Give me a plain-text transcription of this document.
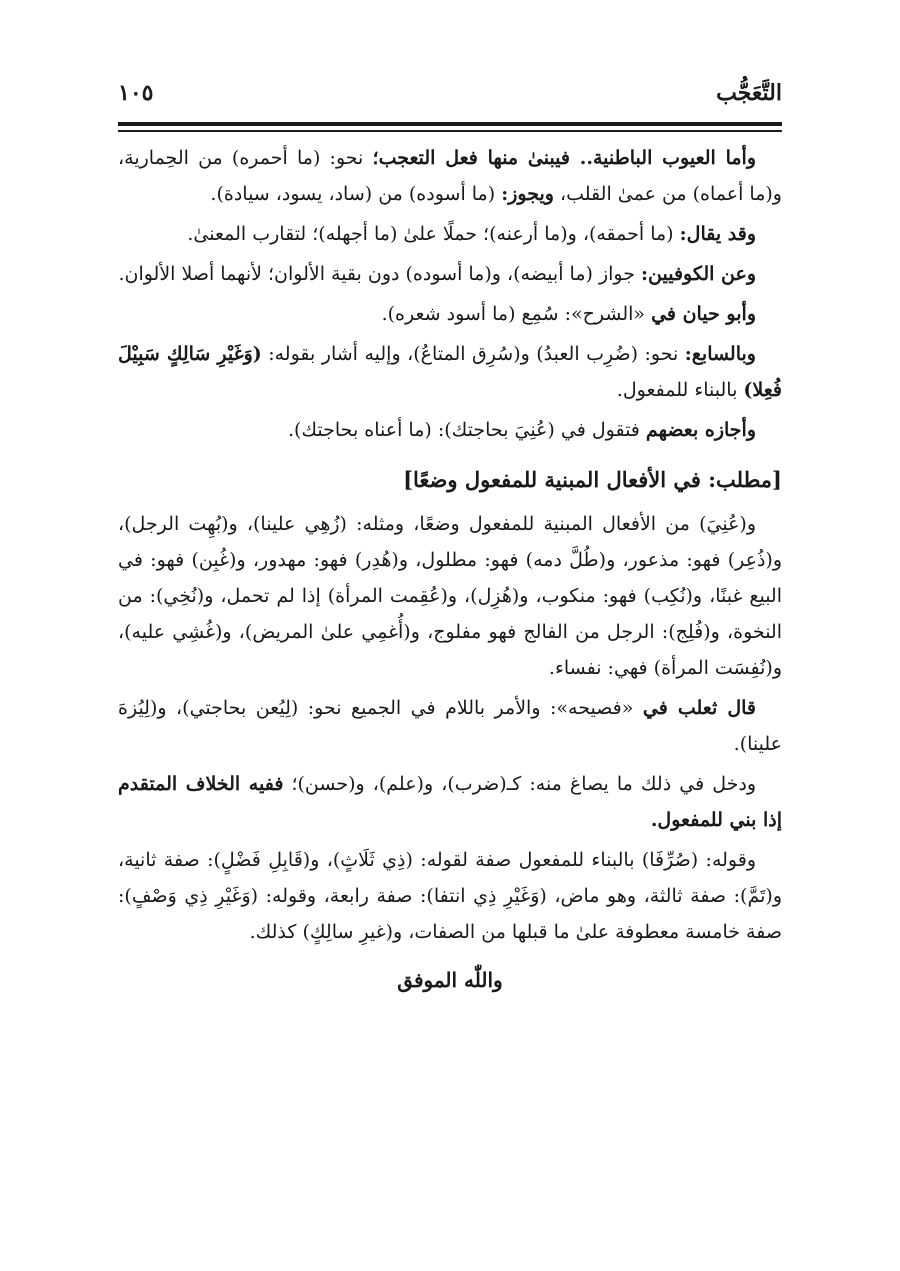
التَّعَجُّب
١٠٥

وأما العيوب الباطنية.. فيبنىٰ منها فعل التعجب؛ نحو: (ما أحمره) من الحِمارية، و(ما أعماه) من عمىٰ القلب، ويجوز: (ما أسوده) من (ساد، يسود، سيادة).

وقد يقال: (ما أحمقه)، و(ما أرعنه)؛ حملًا علىٰ (ما أجهله)؛ لتقارب المعنىٰ.

وعن الكوفيين: جواز (ما أبيضه)، و(ما أسوده) دون بقية الألوان؛ لأنهما أصلا الألوان.

وأبو حيان في «الشرح»: سُمِع (ما أسود شعره).

وبالسابع: نحو: (ضُرِب العبدُ) و(سُرِق المتاعُ)، وإليه أشار بقوله: (وَغَيْرِ سَالِكٍ سَبِيْلَ فُعِلا) بالبناء للمفعول.

وأجازه بعضهم فتقول في (عُنِيَ بحاجتك): (ما أعناه بحاجتك).

[مطلب: في الأفعال المبنية للمفعول وضعًا]

و(عُنِيَ) من الأفعال المبنية للمفعول وضعًا، ومثله: (زُهِي علينا)، و(بُهِت الرجل)، و(ذُعِر) فهو: مذعور، و(طُلَّ دمه) فهو: مطلول، و(هُدِر) فهو: مهدور، و(غُبِن) فهو: في البيع غبنًا، و(نُكِب) فهو: منكوب، و(هُزِل)، و(عُقِمت المرأة) إذا لم تحمل، و(نُخِي): من النخوة، و(فُلِج): الرجل من الفالج فهو مفلوج، و(أُغمِي علىٰ المريض)، و(غُشِي عليه)، و(نُفِسَت المرأة) فهي: نفساء.

قال ثعلب في «فصيحه»: والأمر باللام في الجميع نحو: (لِيُعن بحاجتي)، و(لِيُزهَ علينا).

ودخل في ذلك ما يصاغ منه: كـ(ضرب)، و(علم)، و(حسن)؛ ففيه الخلاف المتقدم إذا بني للمفعول.

وقوله: (صُرِّفَا) بالبناء للمفعول صفة لقوله: (ذِي ثَلَاثٍ)، و(قَابِلِ فَضْلٍ): صفة ثانية، و(تَمَّ): صفة ثالثة، وهو ماض، (وَغَيْرِ ذِي انتفا): صفة رابعة، وقوله: (وَغَيْرِ ذِي وَصْفٍ): صفة خامسة معطوفة علىٰ ما قبلها من الصفات، و(غيرِ سالِكٍ) كذلك.

واللّٰه الموفق
